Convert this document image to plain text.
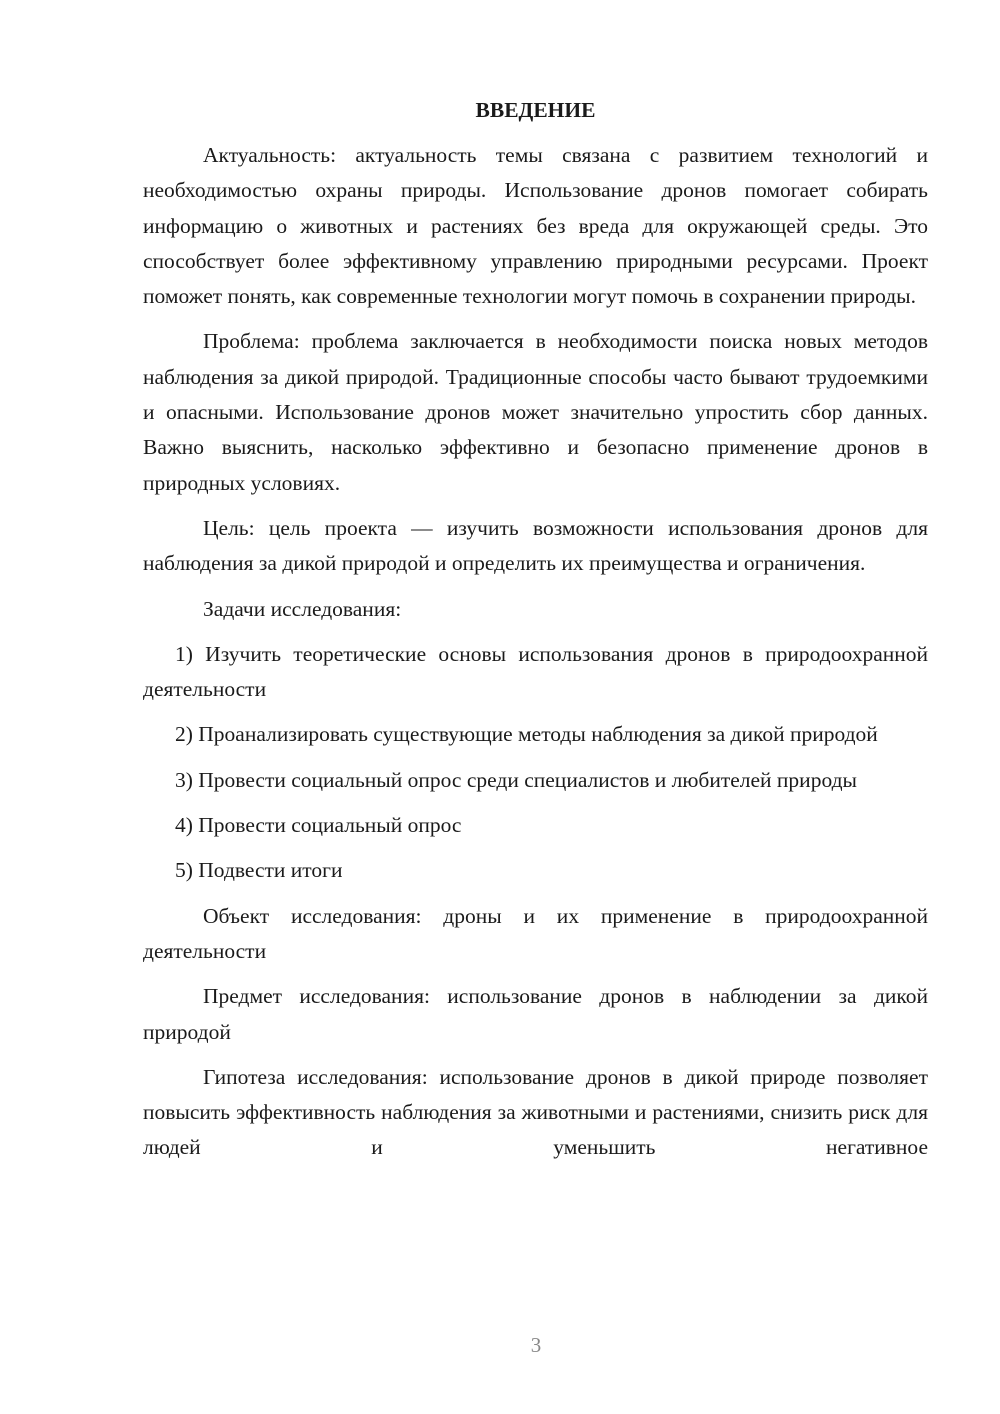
ВВЕДЕНИЕ

Актуальность: актуальность темы связана с развитием технологий и необходимостью охраны природы. Использование дронов помогает собирать информацию о животных и растениях без вреда для окружающей среды. Это способствует более эффективному управлению природными ресурсами. Проект поможет понять, как современные технологии могут помочь в сохранении природы.

Проблема: проблема заключается в необходимости поиска новых методов наблюдения за дикой природой. Традиционные способы часто бывают трудоемкими и опасными. Использование дронов может значительно упростить сбор данных. Важно выяснить, насколько эффективно и безопасно применение дронов в природных условиях.

Цель: цель проекта — изучить возможности использования дронов для наблюдения за дикой природой и определить их преимущества и ограничения.

Задачи исследования:

1) Изучить теоретические основы использования дронов в природоохранной деятельности

2) Проанализировать существующие методы наблюдения за дикой природой

3) Провести социальный опрос среди специалистов и любителей природы

4) Провести социальный опрос

5) Подвести итоги

Объект исследования: дроны и их применение в природоохранной деятельности

Предмет исследования: использование дронов в наблюдении за дикой природой

Гипотеза исследования: использование дронов в дикой природе позволяет повысить эффективность наблюдения за животными и растениями, снизить риск для людей и уменьшить негативное

3
